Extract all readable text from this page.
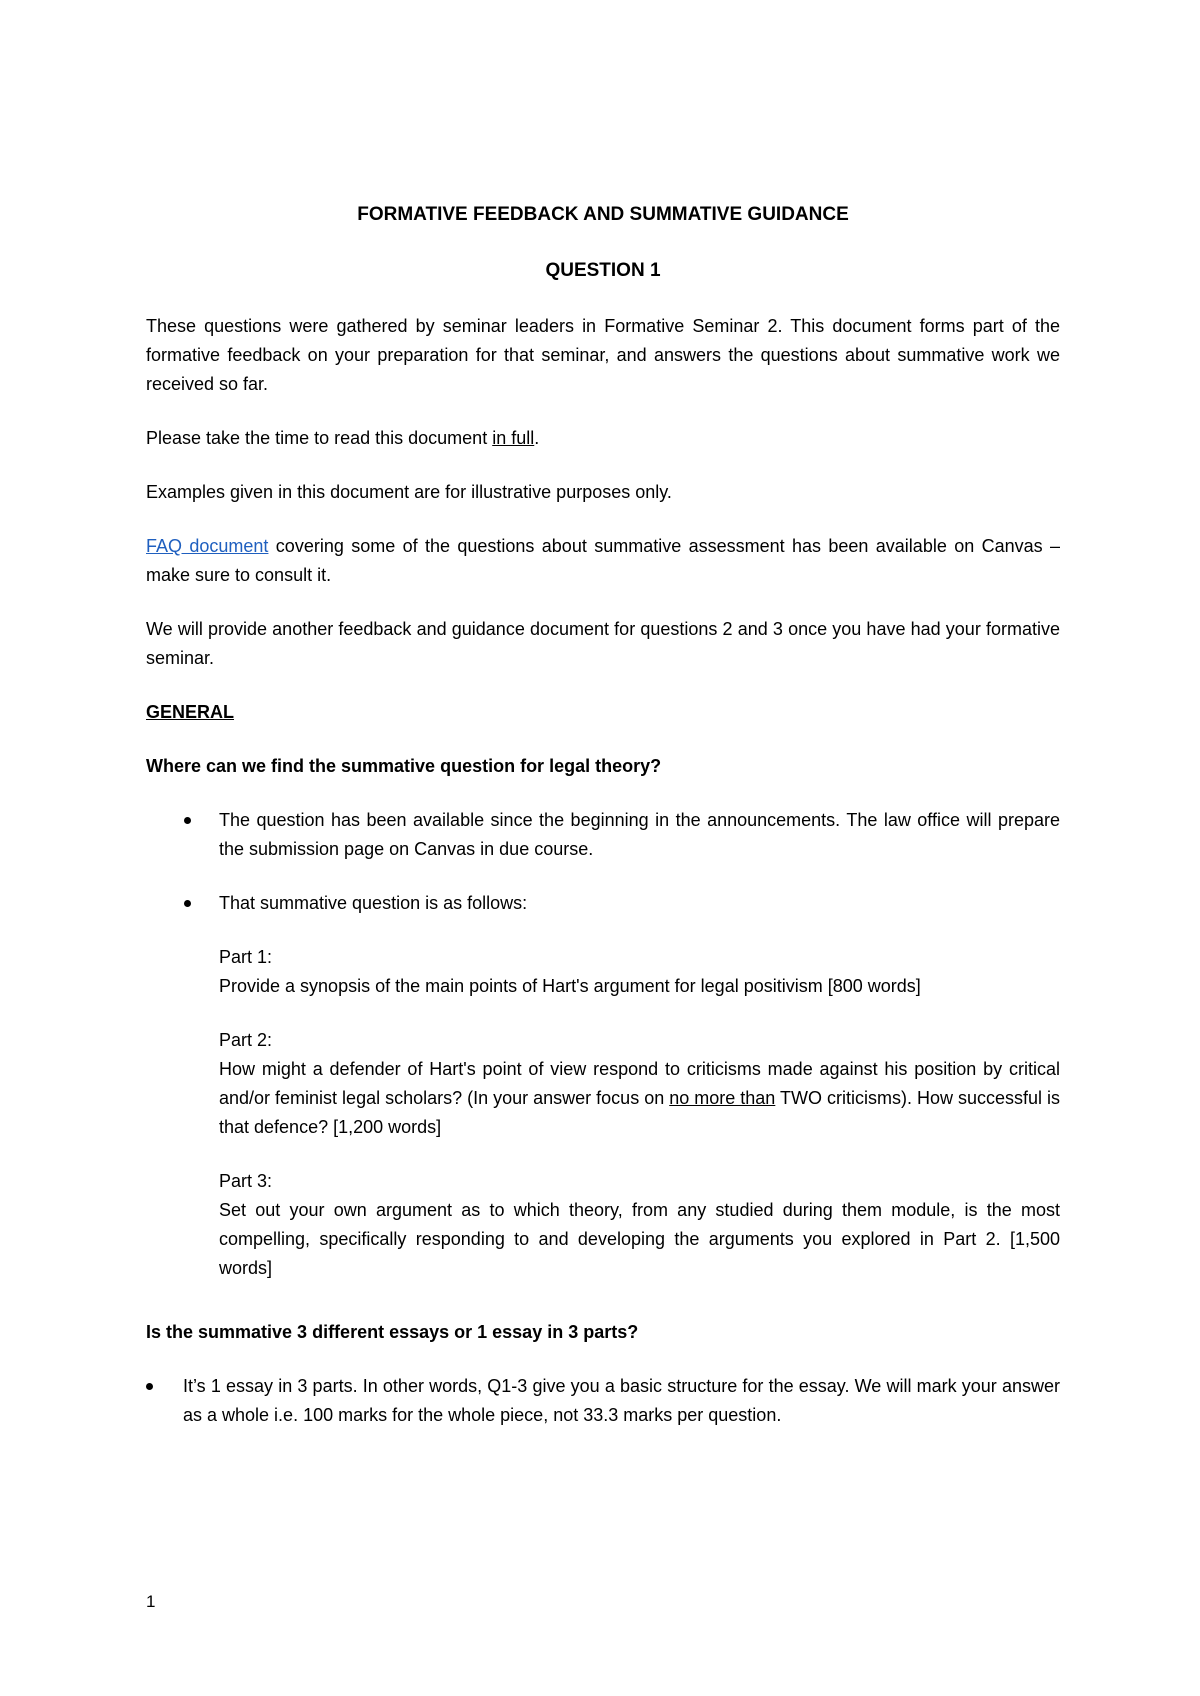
FORMATIVE FEEDBACK AND SUMMATIVE GUIDANCE
QUESTION 1

These questions were gathered by seminar leaders in Formative Seminar 2. This document forms part of the formative feedback on your preparation for that seminar, and answers the questions about summative work we received so far.

Please take the time to read this document in full.

Examples given in this document are for illustrative purposes only.

FAQ document covering some of the questions about summative assessment has been available on Canvas – make sure to consult it.

We will provide another feedback and guidance document for questions 2 and 3 once you have had your formative seminar.

GENERAL
Where can we find the summative question for legal theory?
The question has been available since the beginning in the announcements. The law office will prepare the submission page on Canvas in due course.
That summative question is as follows:
Part 1:
Provide a synopsis of the main points of Hart's argument for legal positivism [800 words]
Part 2:
How might a defender of Hart's point of view respond to criticisms made against his position by critical and/or feminist legal scholars? (In your answer focus on no more than TWO criticisms). How successful is that defence? [1,200 words]
Part 3:
Set out your own argument as to which theory, from any studied during them module, is the most compelling, specifically responding to and developing the arguments you explored in Part 2. [1,500 words]
Is the summative 3 different essays or 1 essay in 3 parts?
It’s 1 essay in 3 parts. In other words, Q1-3 give you a basic structure for the essay. We will mark your answer as a whole i.e. 100 marks for the whole piece, not 33.3 marks per question.
1
